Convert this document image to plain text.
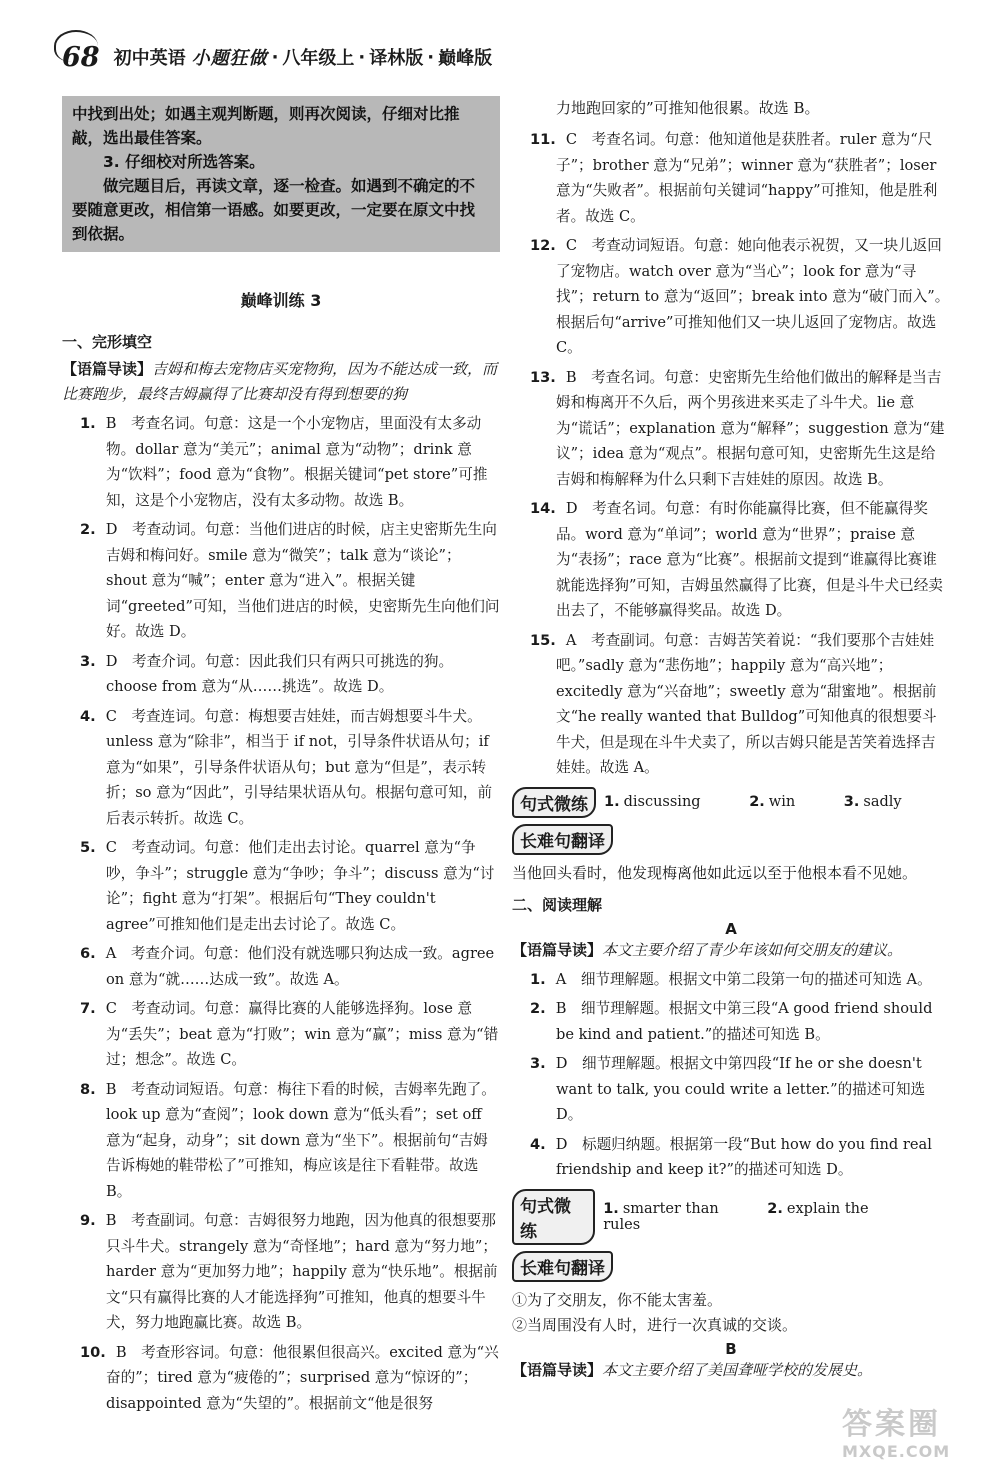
68 初中英语 小题狂做 · 八年级上 · 译林版 · 巅峰版

中找到出处；如遇主观判断题，则再次阅读，仔细对比推敲，选出最佳答案。

3. 仔细校对所选答案。

做完题目后，再读文章，逐一检查。如遇到不确定的不要随意更改，相信第一语感。如要更改，一定要在原文中找到依据。

巅峰训练 3
一、完形填空
【语篇导读】吉姆和梅去宠物店买宠物狗，因为不能达成一致，而比赛跑步，最终吉姆赢得了比赛却没有得到想要的狗
1. B　考查名词。句意：这是一个小宠物店，里面没有太多动物。dollar 意为“美元”；animal 意为“动物”；drink 意为“饮料”；food 意为“食物”。根据关键词“pet store”可推知，这是个小宠物店，没有太多动物。故选 B。
2. D　考查动词。句意：当他们进店的时候，店主史密斯先生向吉姆和梅问好。smile 意为“微笑”；talk 意为“谈论”；shout 意为“喊”；enter 意为“进入”。根据关键词“greeted”可知，当他们进店的时候，史密斯先生向他们问好。故选 D。
3. D　考查介词。句意：因此我们只有两只可挑选的狗。choose from 意为“从……挑选”。故选 D。
4. C　考查连词。句意：梅想要吉娃娃，而吉姆想要斗牛犬。unless 意为“除非”，相当于 if not，引导条件状语从句；if 意为“如果”，引导条件状语从句；but 意为“但是”，表示转折；so 意为“因此”，引导结果状语从句。根据句意可知，前后表示转折。故选 C。
5. C　考查动词。句意：他们走出去讨论。quarrel 意为“争吵，争斗”；struggle 意为“争吵；争斗”；discuss 意为“讨论”；fight 意为“打架”。根据后句“They couldn't agree”可推知他们是走出去讨论了。故选 C。
6. A　考查介词。句意：他们没有就选哪只狗达成一致。agree on 意为“就……达成一致”。故选 A。
7. C　考查动词。句意：赢得比赛的人能够选择狗。lose 意为“丢失”；beat 意为“打败”；win 意为“赢”；miss 意为“错过；想念”。故选 C。
8. B　考查动词短语。句意：梅往下看的时候，吉姆率先跑了。look up 意为“查阅”；look down 意为“低头看”；set off 意为“起身，动身”；sit down 意为“坐下”。根据前句“吉姆告诉梅她的鞋带松了”可推知，梅应该是往下看鞋带。故选 B。
9. B　考查副词。句意：吉姆很努力地跑，因为他真的很想要那只斗牛犬。strangely 意为“奇怪地”；hard 意为“努力地”；harder 意为“更加努力地”；happily 意为“快乐地”。根据前文“只有赢得比赛的人才能选择狗”可推知，他真的想要斗牛犬，努力地跑赢比赛。故选 B。
10. B　考查形容词。句意：他很累但很高兴。excited 意为“兴奋的”；tired 意为“疲倦的”；surprised 意为“惊讶的”；disappointed 意为“失望的”。根据前文“他是很努
力地跑回家的”可推知他很累。故选 B。
11. C　考查名词。句意：他知道他是获胜者。ruler 意为“尺子”；brother 意为“兄弟”；winner 意为“获胜者”；loser 意为“失败者”。根据前句关键词“happy”可推知，他是胜利者。故选 C。
12. C　考查动词短语。句意：她向他表示祝贺，又一块儿返回了宠物店。watch over 意为“当心”；look for 意为“寻找”；return to 意为“返回”；break into 意为“破门而入”。根据后句“arrive”可推知他们又一块儿返回了宠物店。故选 C。
13. B　考查名词。句意：史密斯先生给他们做出的解释是当吉姆和梅离开不久后，两个男孩进来买走了斗牛犬。lie 意为“谎话”；explanation 意为“解释”；suggestion 意为“建议”；idea 意为“观点”。根据句意可知，史密斯先生这是给吉姆和梅解释为什么只剩下吉娃娃的原因。故选 B。
14. D　考查名词。句意：有时你能赢得比赛，但不能赢得奖品。word 意为“单词”；world 意为“世界”；praise 意为“表扬”；race 意为“比赛”。根据前文提到“谁赢得比赛谁就能选择狗”可知，吉姆虽然赢得了比赛，但是斗牛犬已经卖出去了，不能够赢得奖品。故选 D。
15. A　考查副词。句意：吉姆苦笑着说：“我们要那个吉娃娃吧。”sadly 意为“悲伤地”；happily 意为“高兴地”；excitedly 意为“兴奋地”；sweetly 意为“甜蜜地”。根据前文“he really wanted that Bulldog”可知他真的很想要斗牛犬，但是现在斗牛犬卖了，所以吉姆只能是苦笑着选择吉娃娃。故选 A。
句式微练	1. discussing	2. win	3. sadly
长难句翻译
当他回头看时，他发现梅离他如此远以至于他根本看不见她。
二、阅读理解
A
【语篇导读】本文主要介绍了青少年该如何交朋友的建议。
1. A　细节理解题。根据文中第二段第一句的描述可知选 A。
2. B　细节理解题。根据文中第三段“A good friend should be kind and patient.”的描述可知选 B。
3. D　细节理解题。根据文中第四段“If he or she doesn't want to talk, you could write a letter.”的描述可知选 D。
4. D　标题归纳题。根据第一段“But how do you find real friendship and keep it?”的描述可知选 D。
句式微练
1. smarter than	2. explain the rules
长难句翻译
①为了交朋友，你不能太害羞。
②当周围没有人时，进行一次真诚的交谈。
B
【语篇导读】本文主要介绍了美国聋哑学校的发展史。
答案圈
MXQE.COM
